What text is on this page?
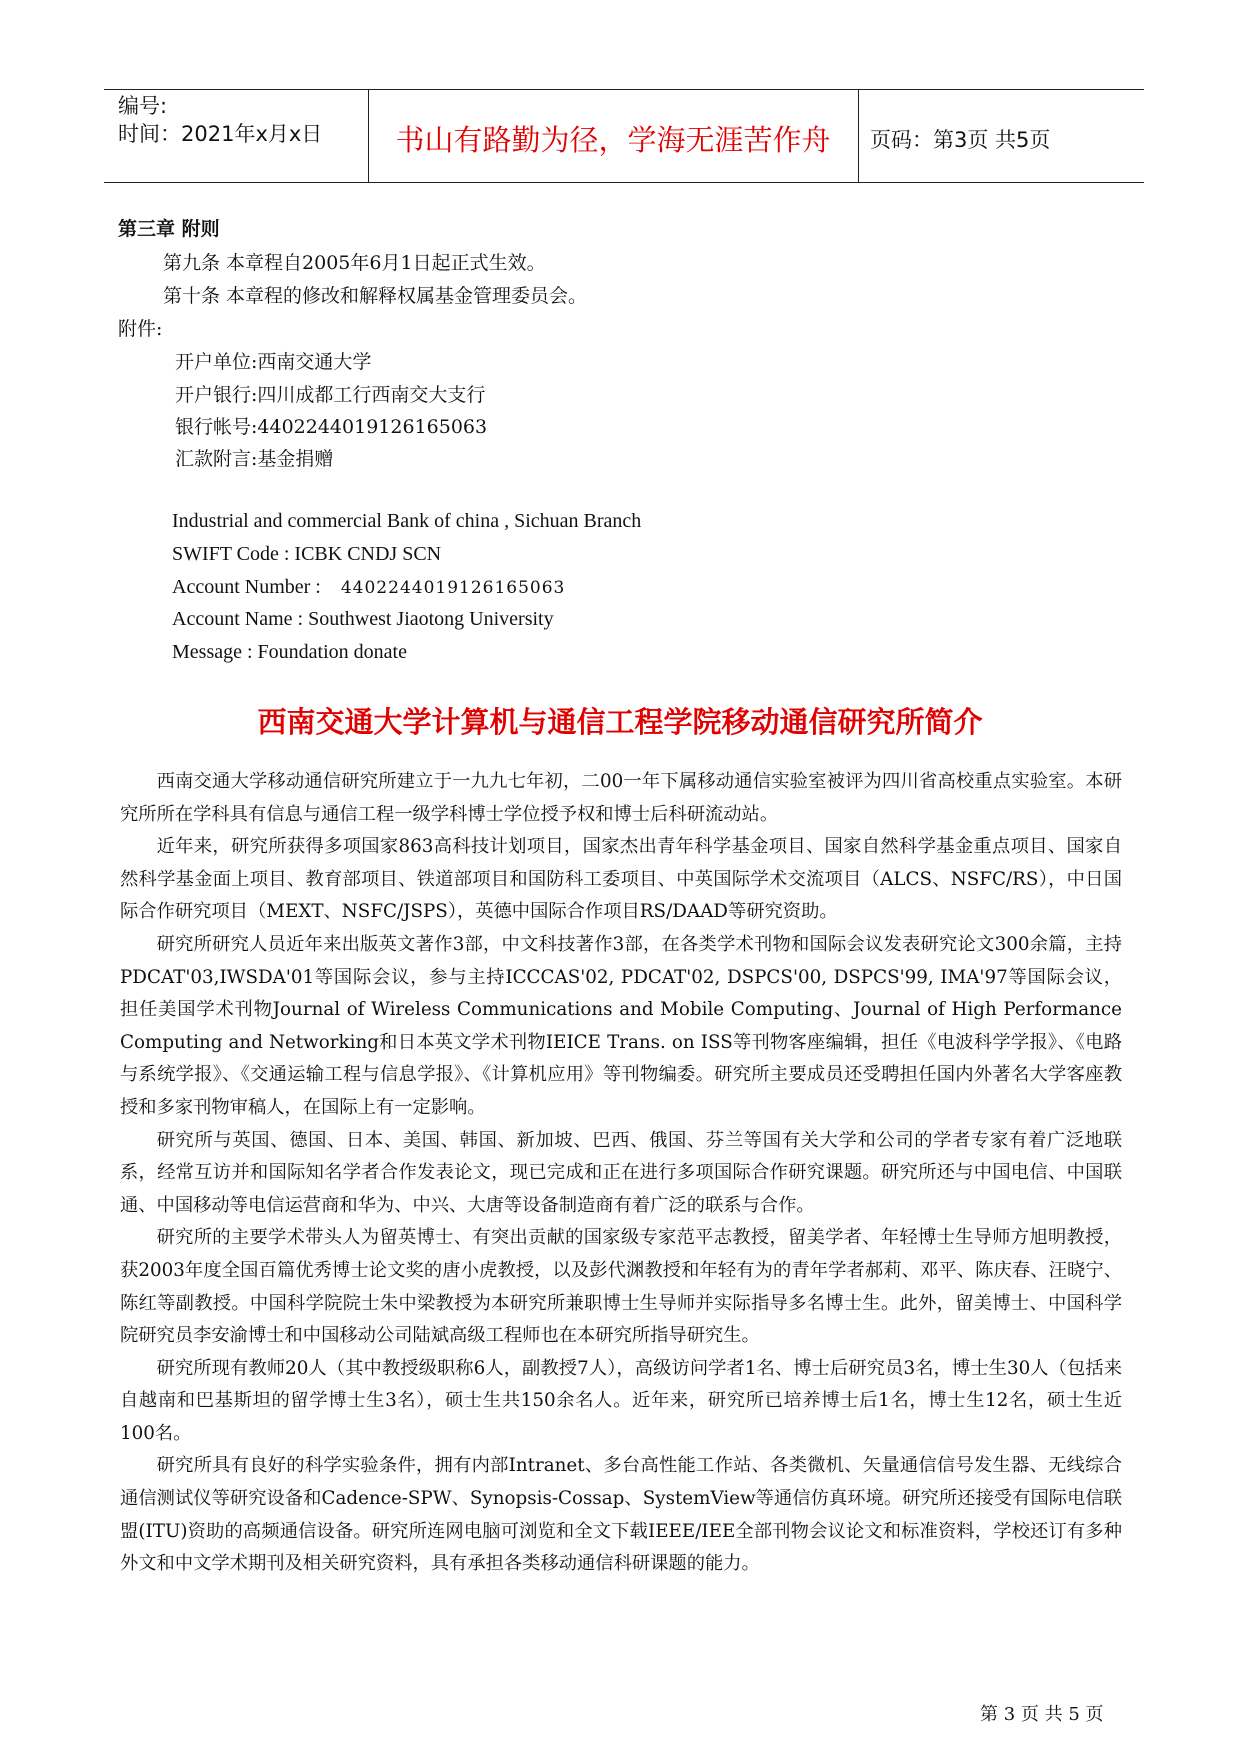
编号:
时间：2021年x月x日	书山有路勤为径，学海无涯苦作舟	页码：第3页 共5页
第三章 附则
第九条 本章程自2005年6月1日起正式生效。
第十条 本章程的修改和解释权属基金管理委员会。
附件:
开户单位:西南交通大学
开户银行:四川成都工行西南交大支行
银行帐号:4402244019126165063
汇款附言:基金捐赠
Industrial and commercial Bank of china , Sichuan Branch
SWIFT Code : ICBK CNDJ SCN
Account Number : 4402244019126165063
Account Name : Southwest Jiaotong University
Message : Foundation donate
西南交通大学计算机与通信工程学院移动通信研究所简介

西南交通大学移动通信研究所建立于一九九七年初，二00一年下属移动通信实验室被评为四川省高校重点实验室。本研究所所在学科具有信息与通信工程一级学科博士学位授予权和博士后科研流动站。

近年来，研究所获得多项国家863高科技计划项目，国家杰出青年科学基金项目、国家自然科学基金重点项目、国家自然科学基金面上项目、教育部项目、铁道部项目和国防科工委项目、中英国际学术交流项目（ALCS、NSFC/RS），中日国际合作研究项目（MEXT、NSFC/JSPS），英德中国际合作项目RS/DAAD等研究资助。

研究所研究人员近年来出版英文著作3部，中文科技著作3部，在各类学术刊物和国际会议发表研究论文300余篇，主持PDCAT'03,IWSDA'01等国际会议，参与主持ICCCAS'02, PDCAT'02, DSPCS'00, DSPCS'99, IMA'97等国际会议，担任美国学术刊物Journal of Wireless Communications and Mobile Computing、Journal of High Performance Computing and Networking和日本英文学术刊物IEICE Trans. on ISS等刊物客座编辑，担任《电波科学学报》、《电路与系统学报》、《交通运输工程与信息学报》、《计算机应用》等刊物编委。研究所主要成员还受聘担任国内外著名大学客座教授和多家刊物审稿人，在国际上有一定影响。

研究所与英国、德国、日本、美国、韩国、新加坡、巴西、俄国、芬兰等国有关大学和公司的学者专家有着广泛地联系，经常互访并和国际知名学者合作发表论文，现已完成和正在进行多项国际合作研究课题。研究所还与中国电信、中国联通、中国移动等电信运营商和华为、中兴、大唐等设备制造商有着广泛的联系与合作。

研究所的主要学术带头人为留英博士、有突出贡献的国家级专家范平志教授，留美学者、年轻博士生导师方旭明教授，获2003年度全国百篇优秀博士论文奖的唐小虎教授，以及彭代渊教授和年轻有为的青年学者郝莉、邓平、陈庆春、汪晓宁、陈红等副教授。中国科学院院士朱中梁教授为本研究所兼职博士生导师并实际指导多名博士生。此外，留美博士、中国科学院研究员李安渝博士和中国移动公司陆斌高级工程师也在本研究所指导研究生。

研究所现有教师20人（其中教授级职称6人，副教授7人），高级访问学者1名、博士后研究员3名，博士生30人（包括来自越南和巴基斯坦的留学博士生3名），硕士生共150余名人。近年来，研究所已培养博士后1名，博士生12名，硕士生近100名。

研究所具有良好的科学实验条件，拥有内部Intranet、多台高性能工作站、各类微机、矢量通信信号发生器、无线综合通信测试仪等研究设备和Cadence-SPW、Synopsis-Cossap、SystemView等通信仿真环境。研究所还接受有国际电信联盟(ITU)资助的高频通信设备。研究所连网电脑可浏览和全文下载IEEE/IEE全部刊物会议论文和标准资料，学校还订有多种外文和中文学术期刊及相关研究资料，具有承担各类移动通信科研课题的能力。

第 3 页 共 5 页
